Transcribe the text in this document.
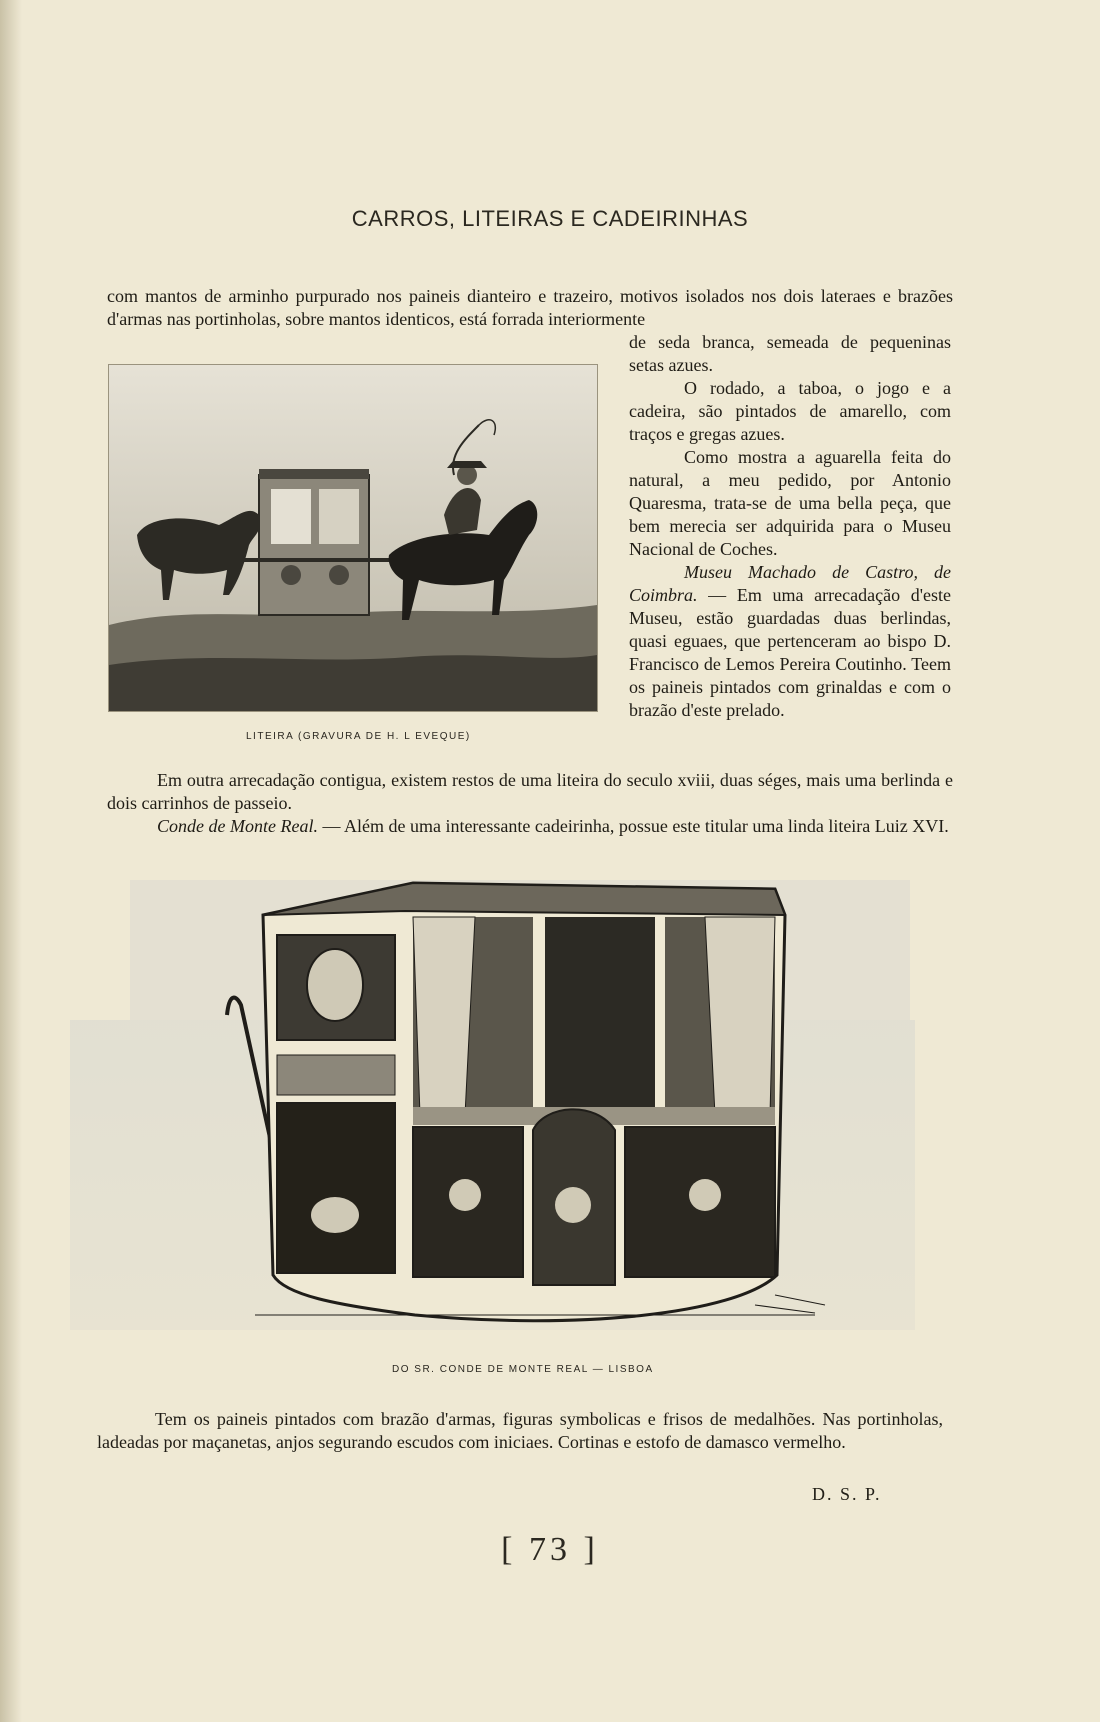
CARROS, LITEIRAS E CADEIRINHAS
com mantos de arminho purpurado nos paineis dianteiro e trazeiro, motivos isolados nos dois lateraes e brazões d'armas nas portinholas, sobre mantos identicos, está forrada interiormente
LITEIRA (GRAVURA DE H. L EVEQUE)

de seda branca, semeada de pequeninas setas azues.

O rodado, a taboa, o jogo e a cadeira, são pintados de amarello, com traços e gregas azues.

Como mostra a aguarella feita do natural, a meu pedido, por Antonio Quaresma, trata-se de uma bella peça, que bem merecia ser adquirida para o Museu Nacional de Coches.

Museu Machado de Castro, de Coimbra. — Em uma arrecadação d'este Museu, estão guardadas duas berlindas, quasi eguaes, que pertenceram ao bispo D. Francisco de Lemos Pereira Coutinho. Teem os paineis pintados com grinaldas e com o brazão d'este prelado.

Em outra arrecadação contigua, existem restos de uma liteira do seculo xviii, duas séges, mais uma berlinda e dois carrinhos de passeio.

Conde de Monte Real. — Além de uma interessante cadeirinha, possue este titular uma linda liteira Luiz XVI.

DO SR. CONDE DE MONTE REAL — LISBOA

Tem os paineis pintados com brazão d'armas, figuras symbolicas e frisos de medalhões. Nas portinholas, ladeadas por maçanetas, anjos segurando escudos com iniciaes. Cortinas e estofo de damasco vermelho.

D. S. P.
[ 73 ]
